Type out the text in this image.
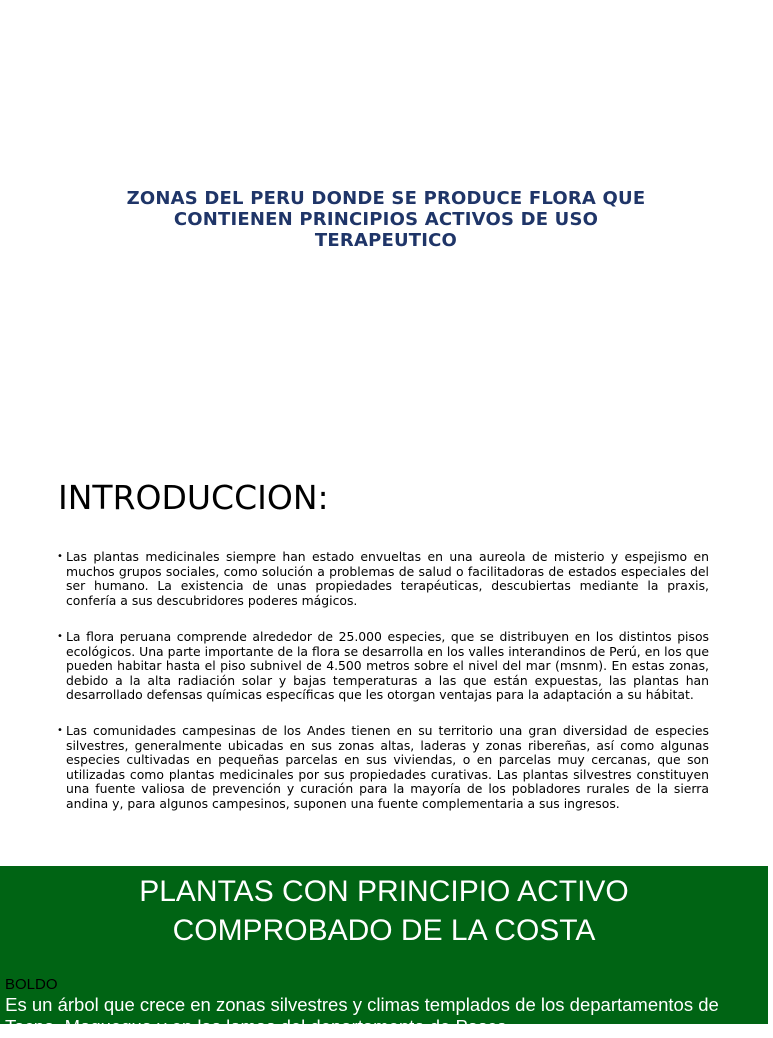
ZONAS DEL PERU DONDE SE PRODUCE FLORA QUE CONTIENEN PRINCIPIOS ACTIVOS DE USO TERAPEUTICO
INTRODUCCION:
• Las plantas medicinales siempre han estado envueltas en una aureola de misterio y espejismo en muchos grupos sociales, como solución a problemas de salud o facilitadoras de estados especiales del ser humano. La existencia de unas propiedades terapéuticas, descubiertas mediante la praxis, confería a sus descubridores poderes mágicos.
• La flora peruana comprende alrededor de 25.000 especies, que se distribuyen en los distintos pisos ecológicos. Una parte importante de la flora se desarrolla en los valles interandinos de Perú, en los que pueden habitar hasta el piso subnivel de 4.500 metros sobre el nivel del mar (msnm). En estas zonas, debido a la alta radiación solar y bajas temperaturas a las que están expuestas, las plantas han desarrollado defensas químicas específicas que les otorgan ventajas para la adaptación a su hábitat.
• Las comunidades campesinas de los Andes tienen en su territorio una gran diversidad de especies silvestres, generalmente ubicadas en sus zonas altas, laderas y zonas ribereñas, así como algunas especies cultivadas en pequeñas parcelas en sus viviendas, o en parcelas muy cercanas, que son utilizadas como plantas medicinales por sus propiedades curativas. Las plantas silvestres constituyen una fuente valiosa de prevención y curación para la mayoría de los pobladores rurales de la sierra andina y, para algunos campesinos, suponen una fuente complementaria a sus ingresos.
PLANTAS CON PRINCIPIO ACTIVO COMPROBADO DE LA COSTA
BOLDO
Es un árbol que crece en zonas silvestres y climas templados de los departamentos de
Tacna, Moquegua y en las lomas del departamento de Pasco...
